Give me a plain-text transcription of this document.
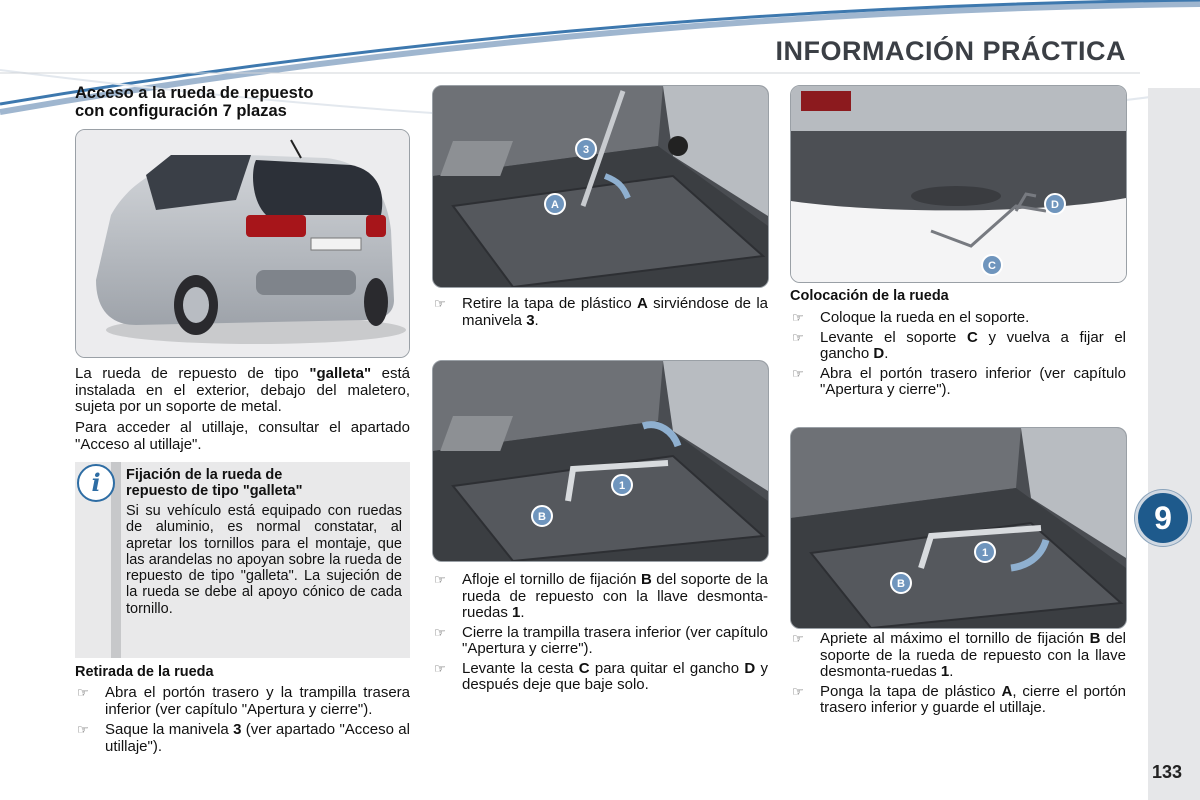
INFORMACIÓN PRÁCTICA
9
133
Acceso a la rueda de repuesto
con configuración 7 plazas
La rueda de repuesto de tipo "galleta" está instalada en el exterior, debajo del maletero, sujeta por un soporte de metal.
Para acceder al utillaje, consultar el apartado "Acceso al utillaje".
i	Fijación de la rueda de
repuesto de tipo "galleta"
Si su vehículo está equipado con ruedas de aluminio, es normal constatar, al apretar los tornillos para el montaje, que las arandelas no apoyan sobre la rueda de repuesto de tipo "galleta". La sujeción de la rueda se debe al apoyo cónico de cada tornillo.
Retirada de la rueda
☞ Abra el portón trasero y la trampilla trasera inferior (ver capítulo "Apertura y cierre").
☞ Saque la manivela 3 (ver apartado "Acceso al utillaje").
3
A
☞ Retire la tapa de plástico A sirviéndose de la manivela 3.
1
B
☞ Afloje el tornillo de fijación B del soporte de la rueda de repuesto con la llave desmonta-ruedas 1.
☞ Cierre la trampilla trasera inferior (ver capítulo "Apertura y cierre").
☞ Levante la cesta C para quitar el gancho D y después deje que baje solo.
D
C
Colocación de la rueda
☞ Coloque la rueda en el soporte.
☞ Levante el soporte C y vuelva a fijar el gancho D.
☞ Abra el portón trasero inferior (ver capítulo "Apertura y cierre").
1
B
☞ Apriete al máximo el tornillo de fijación B del soporte de la rueda de repuesto con la llave desmonta-ruedas 1.
☞ Ponga la tapa de plástico A, cierre el portón trasero inferior y guarde el utillaje.
